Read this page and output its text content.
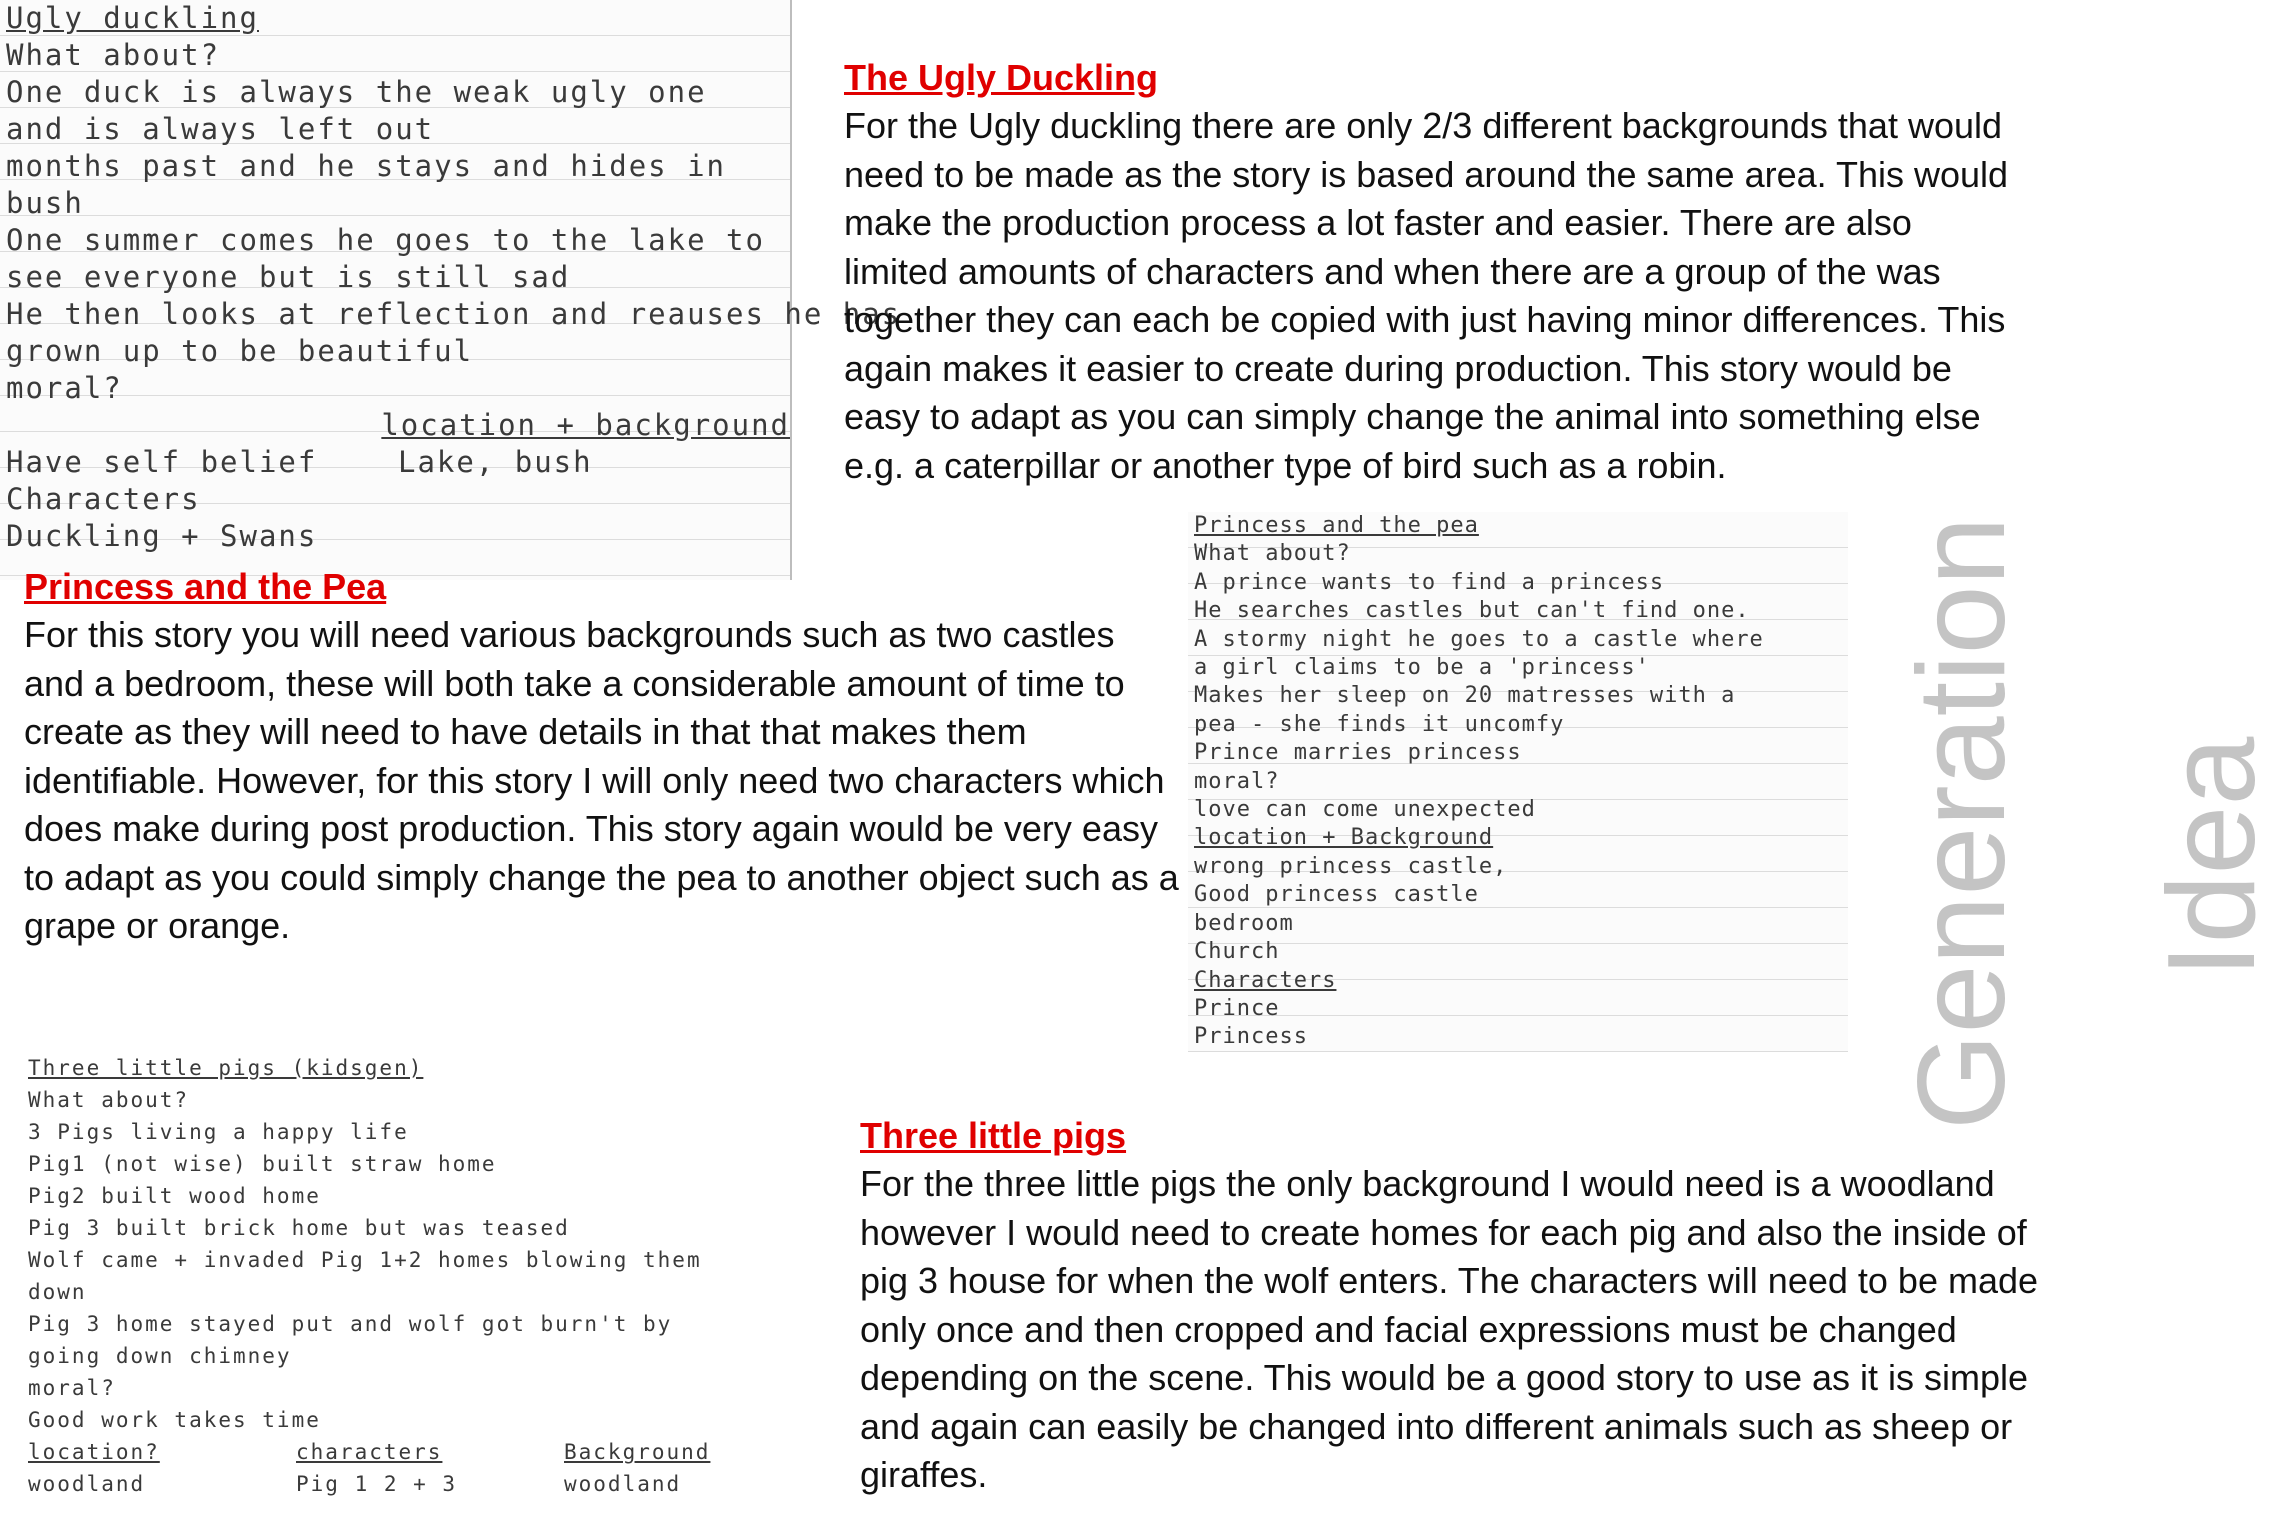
Ugly duckling
What about?
One duck is always the weak ugly one
and is always left out
months past and he stays and hides in
bush
One summer comes he goes to the lake to
see everyone but is still sad
He then looks at reflection and reauses he has
grown up to be beautiful
moral?
location + background
Have self belief	Lake, bush
Characters
Duckling + Swans
The Ugly Duckling

For the Ugly duckling there are only 2/3 different backgrounds that would need to be made as the story is based around the same area. This would make the production process a lot faster and easier. There are also limited amounts of characters and when there are a group of the was together they can each be copied with just having minor differences. This again makes it easier to create during production. This story would be easy to adapt as you can simply change the animal into something else e.g. a caterpillar or another type of bird such as a robin.

Princess and the Pea

For this story you will need various backgrounds such as two castles and a bedroom, these will both take a considerable amount of time to create as they will need to have details in that that makes them identifiable. However, for this story I will only need two characters which does make during post production. This story again would be very easy to adapt as you could simply change the pea to another object such as a grape or orange.

Princess and the pea
What about?
A prince wants to find a princess
He searches castles but can't find one.
A stormy night he goes to a castle where
a girl claims to be a 'princess'
Makes her sleep on 20 matresses with a
pea - she finds it uncomfy
Prince marries princess
moral?
love can come unexpected
location + Background
wrong princess castle,
Good princess castle
bedroom
Church
Characters
Prince
Princess	Generation Idea
Three little pigs (kidsgen)
What about?
3 Pigs living a happy life
Pig1 (not wise) built straw home
Pig2 built wood home
Pig 3 built brick home but was teased
Wolf came + invaded Pig 1+2 homes blowing them
down
Pig 3 home stayed put and wolf got burn't by
going down chimney
moral?
Good work takes time
location?	characters	Background
woodland	Pig 1 2 + 3	woodland
Three little pigs

For the three little pigs the only background I would need is a woodland however I would need to create homes for each pig and also the inside of pig 3 house for when the wolf enters. The characters will need to be made only once and then cropped and facial expressions must be changed depending on the scene. This would be a good story to use as it is simple and again can easily be changed into different animals such as sheep or giraffes.
